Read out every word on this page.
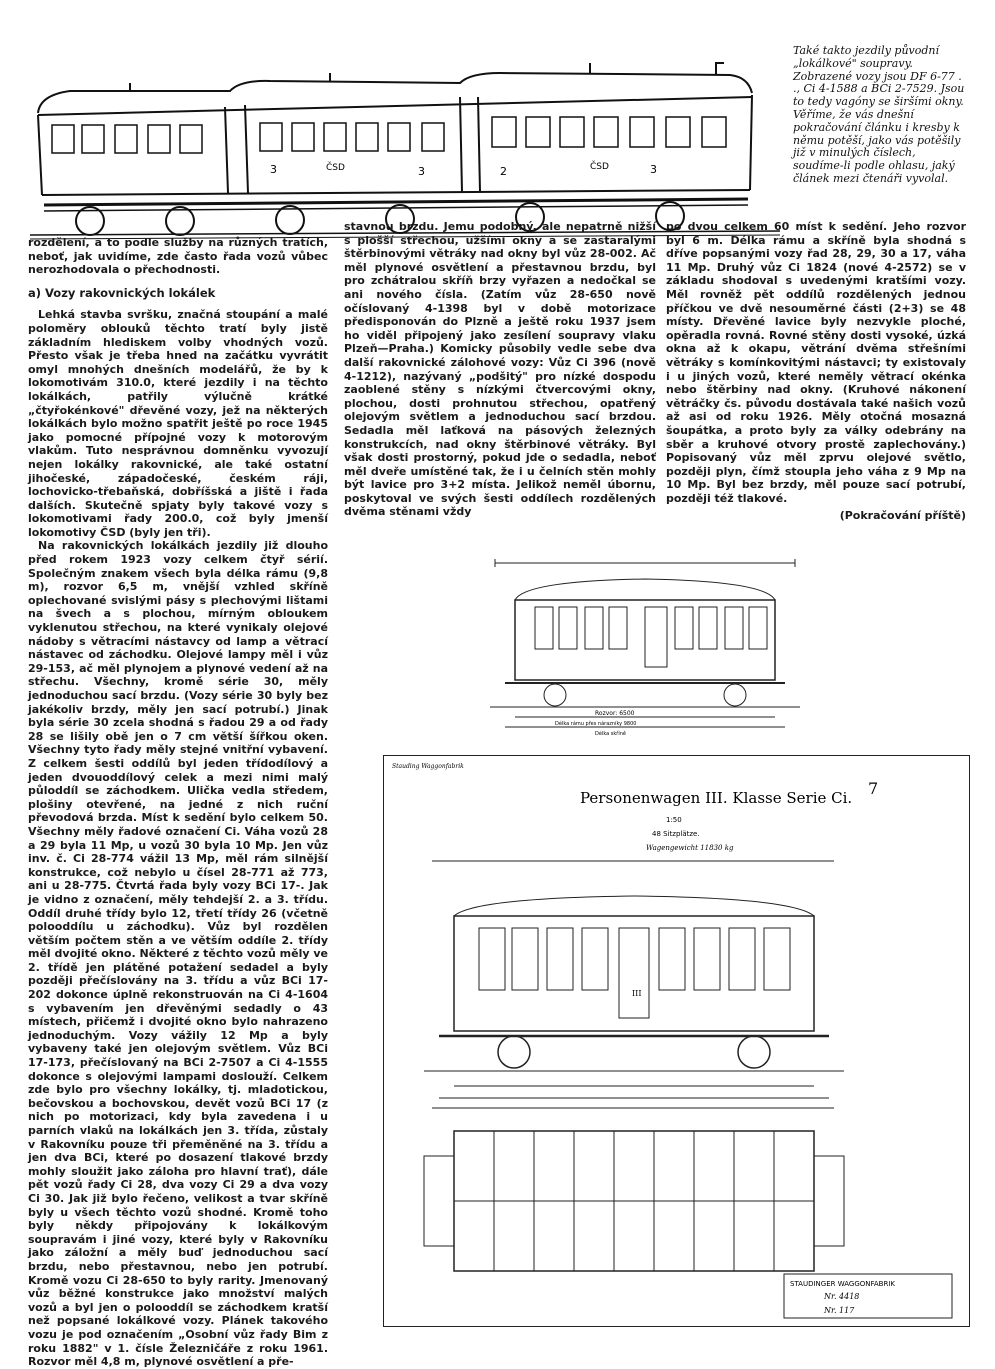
3	3
ČSD	2	ČSD	3
Také takto jezdily původní „lokálkové" soupravy. Zobrazené vozy jsou DF 6-77 . ., Ci 4-1588 a BCi 2-7529. Jsou to tedy vagóny se širšími okny. Věříme, že vás dnešní pokračování článku i kresby k němu potěší, jako vás potěšily již v minulých číslech, soudíme-li podle ohlasu, jaký článek mezi čtenáři vyvolal.

rozdělení, a to podle služby na různých tratích, neboť, jak uvidíme, zde často řada vozů vůbec nerozhodovala o přechodnosti.

a) Vozy rakovnických lokálek

Lehká stavba svršku, značná stoupání a malé poloměry oblouků těchto tratí byly jistě základním hlediskem volby vhodných vozů. Přesto však je třeba hned na začátku vyvrátit omyl mnohých dnešních modelářů, že by k lokomotivám 310.0, které jezdily i na těchto lokálkách, patřily výlučně krátké „čtyřokénkové" dřevěné vozy, jež na některých lokálkách bylo možno spatřit ještě po roce 1945 jako pomocné přípojné vozy k motorovým vlakům. Tuto nesprávnou domněnku vyvozují nejen lokálky rakovnické, ale také ostatní jihočeské, západočeské, českém ráji, lochovicko-třebaňská, dobříšská a jiště i řada dalších. Skutečně spjaty byly takové vozy s lokomotivami řady 200.0, což byly jmenší lokomotivy ČSD (byly jen tři).

Na rakovnických lokálkách jezdily již dlouho před rokem 1923 vozy celkem čtyř sérií. Společným znakem všech byla délka rámu (9,8 m), rozvor 6,5 m, vnější vzhled skříně oplechované svislými pásy s plechovými lištami na švech a s plochou, mírným obloukem vyklenutou střechou, na které vynikaly olejové nádoby s větracími nástavcy od lamp a větrací nástavec od záchodku. Olejové lampy měl i vůz 29-153, ač měl plynojem a plynové vedení až na střechu. Všechny, kromě série 30, měly jednoduchou sací brzdu. (Vozy série 30 byly bez jakékoliv brzdy, měly jen sací potrubí.) Jinak byla série 30 zcela shodná s řadou 29 a od řady 28 se lišily obě jen o 7 cm větší šířkou oken. Všechny tyto řady měly stejné vnitřní vybavení. Z celkem šesti oddílů byl jeden třídodílový a jeden dvouoddílový celek a mezi nimi malý půloddíl se záchodkem. Ulička vedla středem, plošiny otevřené, na jedné z nich ruční převodová brzda. Míst k sedění bylo celkem 50. Všechny měly řadové označení Ci. Váha vozů 28 a 29 byla 11 Mp, u vozů 30 byla 10 Mp. Jen vůz inv. č. Ci 28-774 vážil 13 Mp, měl rám silnější konstrukce, což nebylo u čísel 28-771 až 773, ani u 28-775. Čtvrtá řada byly vozy BCi 17-. Jak je vidno z označení, měly tehdejší 2. a 3. třídu. Oddíl druhé třídy bylo 12, třetí třídy 26 (včetně polooddílu u záchodku). Vůz byl rozdělen větším počtem stěn a ve větším oddíle 2. třídy měl dvojité okno. Některé z těchto vozů měly ve 2. třídě jen plátěné potažení sedadel a byly později přečíslovány na 3. třídu a vůz BCi 17-202 dokonce úplně rekonstruován na Ci 4-1604 s vybavením jen dřevěnými sedadly o 43 místech, přičemž i dvojité okno bylo nahrazeno jednoduchým. Vozy vážily 12 Mp a byly vybaveny také jen olejovým světlem. Vůz BCi 17-173, přečíslovaný na BCi 2-7507 a Ci 4-1555 dokonce s olejovými lampami doslouží. Celkem zde bylo pro všechny lokálky, tj. mladotickou, bečovskou a bochovskou, devět vozů BCi 17 (z nich po motorizaci, kdy byla zavedena i u parních vlaků na lokálkách jen 3. třída, zůstaly v Rakovníku pouze tři přeměněné na 3. třídu a jen dva BCi, které po dosazení tlakové brzdy mohly sloužit jako záloha pro hlavní trať), dále pět vozů řady Ci 28, dva vozy Ci 29 a dva vozy Ci 30. Jak již bylo řečeno, velikost a tvar skříně byly u všech těchto vozů shodné. Kromě toho byly někdy připojovány k lokálkovým soupravám i jiné vozy, které byly v Rakovníku jako záložní a měly buď jednoduchou sací brzdu, nebo přestavnou, nebo jen potrubí. Kromě vozu Ci 28-650 to byly rarity. Jmenovaný vůz běžné konstrukce jako množství malých vozů a byl jen o polooddíl se záchodkem kratší než popsané lokálkové vozy. Plánek takového vozu je pod označením „Osobní vůz řady Bim z roku 1882" v 1. čísle Železničáře z roku 1961. Rozvor měl 4,8 m, plynové osvětlení a pře-

stavnou brzdu. Jemu podobný, ale nepatrně nižší s plošší střechou, užšími okny a se zastaralými štěrbinovými větráky nad okny byl vůz 28-002. Ač měl plynové osvětlení a přestavnou brzdu, byl pro zchátralou skříň brzy vyřazen a nedočkal se ani nového čísla. (Zatím vůz 28-650 nově očíslovaný 4-1398 byl v době motorizace předisponován do Plzně a ještě roku 1937 jsem ho viděl připojený jako zesílení soupravy vlaku Plzeň—Praha.) Komicky působily vedle sebe dva další rakovnické zálohové vozy: Vůz Ci 396 (nově 4-1212), nazývaný „podšitý" pro nízké dospodu zaoblené stěny s nízkými čtvercovými okny, plochou, dosti prohnutou střechou, opatřený olejovým světlem a jednoduchou sací brzdou. Sedadla měl laťková na pásových železných konstrukcích, nad okny štěrbinové větráky. Byl však dosti prostorný, pokud jde o sedadla, neboť měl dveře umístěné tak, že i u čelních stěn mohly být lavice pro 3+2 místa. Jelikož neměl úbornu, poskytoval ve svých šesti oddílech rozdělených dvěma stěnami vždy

po dvou celkem 60 míst k sedění. Jeho rozvor byl 6 m. Délka rámu a skříně byla shodná s dříve popsanými vozy řad 28, 29, 30 a 17, váha 11 Mp. Druhý vůz Ci 1824 (nové 4-2572) se v základu shodoval s uvedenými kratšími vozy. Měl rovněž pět oddílů rozdělených jednou příčkou ve dvě nesouměrné části (2+3) se 48 místy. Dřevěné lavice byly nezvykle ploché, opěradla rovná. Rovné stěny dosti vysoké, úzká okna až k okapu, větrání dvěma střešními větráky s komínkovitými nástavci; ty existovaly i u jiných vozů, které neměly větrací okénka nebo štěrbiny nad okny. (Kruhové nákonení větráčky čs. původu dostávala také našich vozů až asi od roku 1926. Měly otočná mosazná šoupátka, a proto byly za války odebrány na sběr a kruhové otvory prostě zaplechovány.) Popisovaný vůz měl zprvu olejové světlo, později plyn, čímž stoupla jeho váha z 9 Mp na 10 Mp. Byl bez brzdy, měl pouze sací potrubí, později též tlakové.

(Pokračování příště)
Rozvor: 6500
Délka rámu přes nárazníky 9800
Délka skříně
Stauding Waggonfabrik
Personenwagen III. Klasse Serie Ci.
1:50
48 Sitzplätze.
Wagengewicht 11830 kg
7
III
STAUDINGER WAGGONFABRIK
Nr. 4418
Nr. 117
